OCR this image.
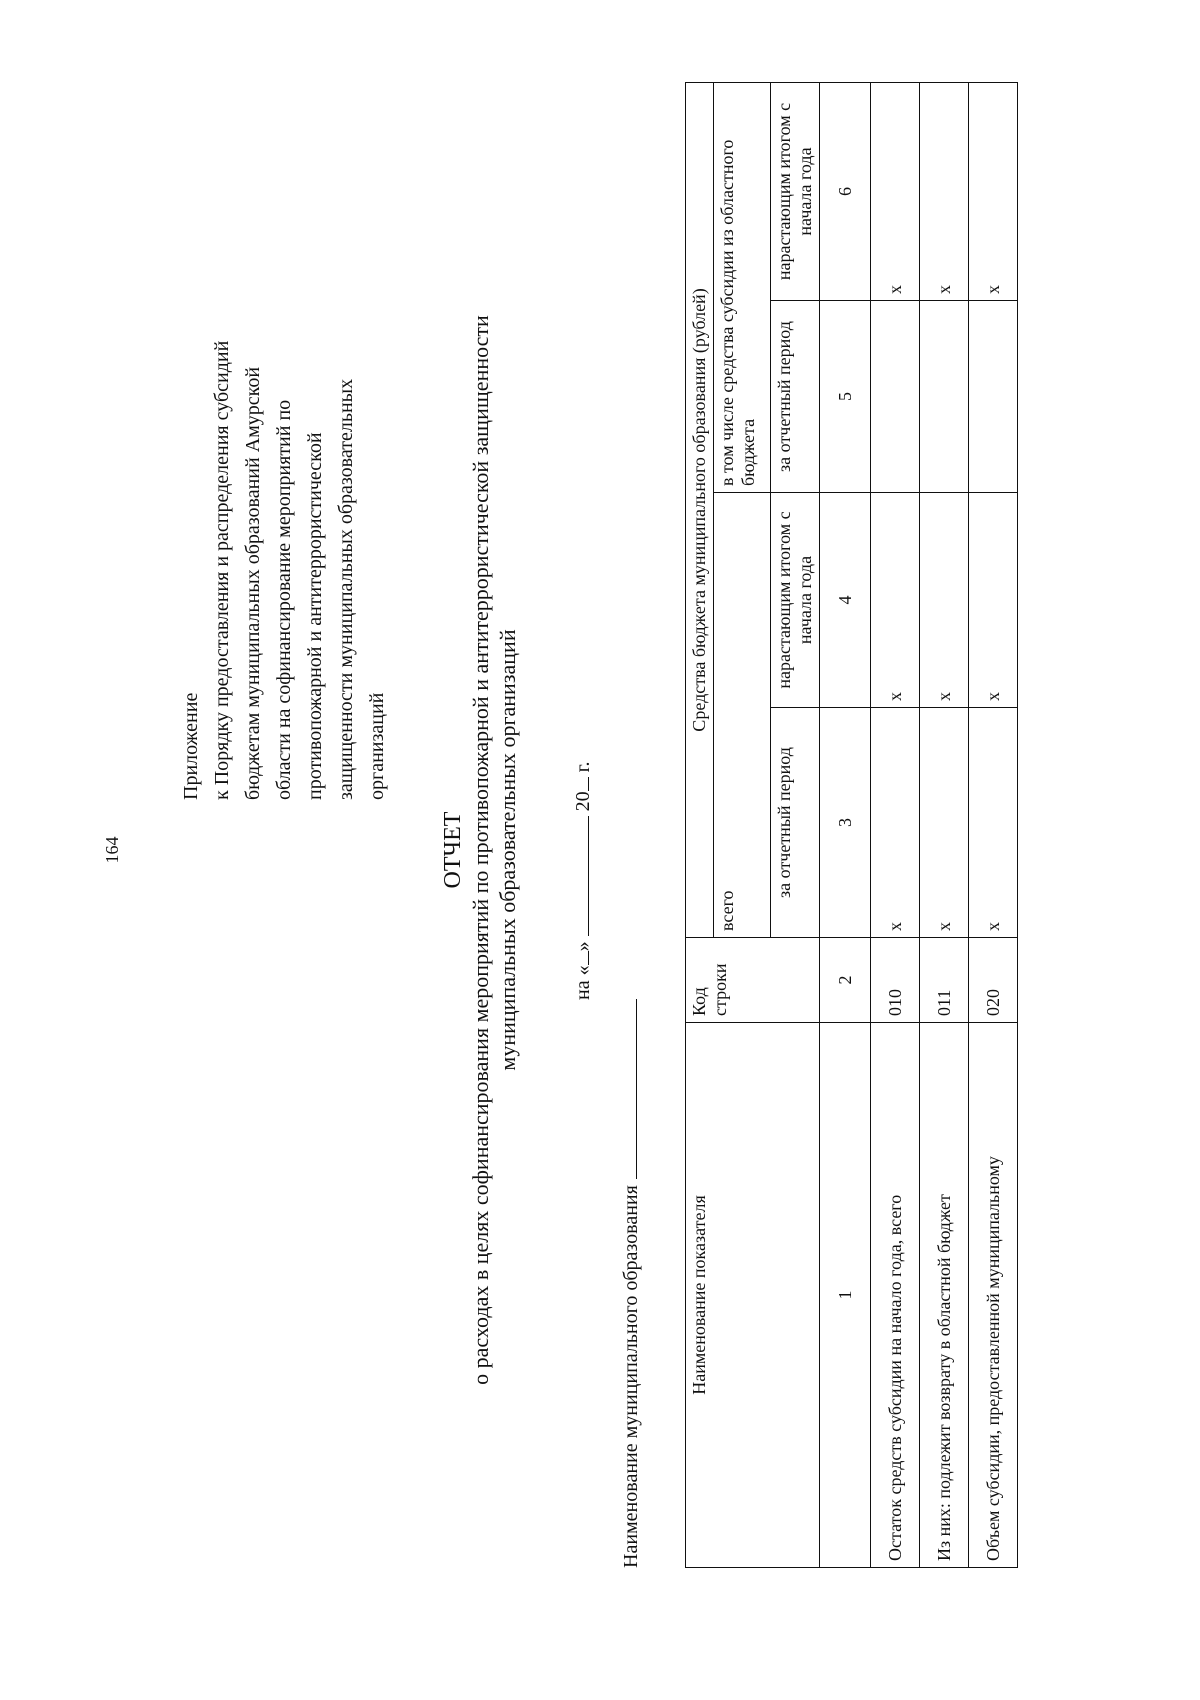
164

Приложение к Порядку предоставления и распределения субсидий бюджетам муниципальных образований Амурской области на софинансирование мероприятий по противопожарной и антитеррористической защищенности муниципальных образовательных организаций

ОТЧЕТ о расходах в целях софинансирования мероприятий по противопожарной и антитеррористической защищенности муниципальных образовательных организаций	на «»  20 г.
Наименование муниципального образования	Наименование показателя	Код строки	Средства бюджета муниципального образования (рублей)			
		всего		в том числе средства субсидии из областного бюджета	
		за отчетный период	нарастающим итогом с начала года	за отчетный период	нарастающим итогом с начала года
1	2	3	4	5	6
Остаток средств субсидии на начало года, всего	010	x	x		x
Из них: подлежит возврату в областной бюджет	011	x	x		x
Объем субсидии, предоставленной муниципальному	020	x	x		x
